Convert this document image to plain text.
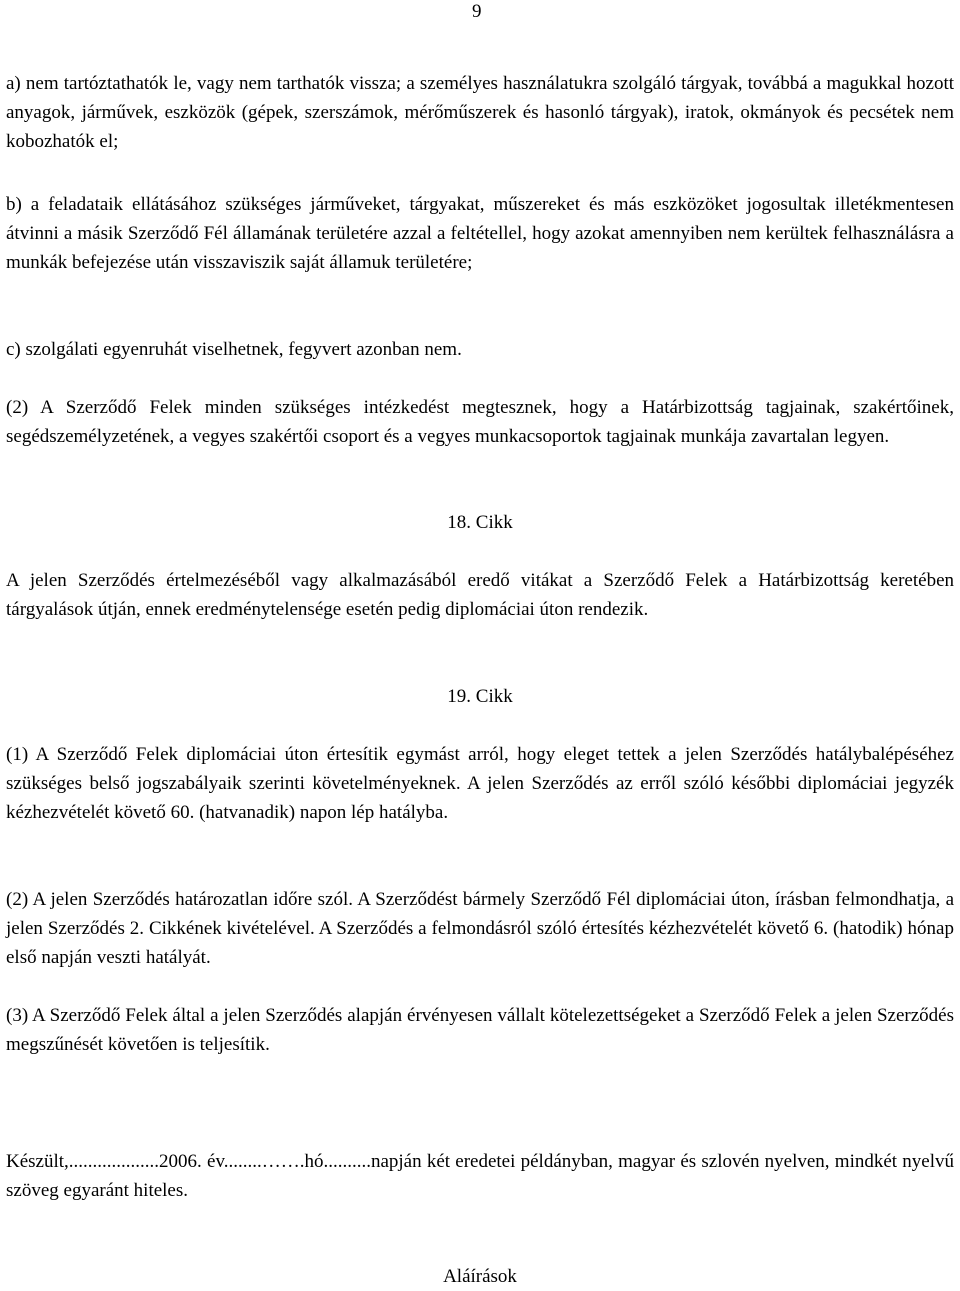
9

a) nem tartóztathatók le, vagy nem tarthatók vissza; a személyes használatukra szolgáló tárgyak, továbbá a magukkal hozott anyagok, járművek, eszközök (gépek, szerszámok, mérőműszerek és hasonló tárgyak), iratok, okmányok és pecsétek nem kobozhatók el;

b) a feladataik ellátásához szükséges járműveket, tárgyakat, műszereket és más eszközöket jogosultak illetékmentesen átvinni a másik Szerződő Fél államának területére azzal a feltétellel, hogy azokat amennyiben nem kerültek felhasználásra a munkák befejezése után visszaviszik saját államuk területére;

c) szolgálati egyenruhát viselhetnek, fegyvert azonban nem.

(2) A Szerződő Felek minden szükséges intézkedést megtesznek, hogy a Határbizottság tagjainak, szakértőinek, segédszemélyzetének, a vegyes szakértői csoport és a vegyes munkacsoportok tagjainak munkája zavartalan legyen.

18. Cikk

A jelen Szerződés értelmezéséből vagy alkalmazásából eredő vitákat a Szerződő Felek a Határbizottság keretében tárgyalások útján, ennek eredménytelensége esetén pedig diplomáciai úton rendezik.

19. Cikk

(1) A Szerződő Felek diplomáciai úton értesítik egymást arról, hogy eleget tettek a jelen Szerződés hatálybalépéséhez szükséges belső jogszabályaik szerinti követelményeknek. A jelen Szerződés az erről szóló későbbi diplomáciai jegyzék kézhezvételét követő 60. (hatvanadik) napon lép hatályba.

(2) A jelen Szerződés határozatlan időre szól. A Szerződést bármely Szerződő Fél diplomáciai úton, írásban felmondhatja, a jelen Szerződés 2. Cikkének kivételével. A Szerződés a felmondásról szóló értesítés kézhezvételét követő 6. (hatodik) hónap első napján veszti hatályát.

(3) A Szerződő Felek által a jelen Szerződés alapján érvényesen vállalt kötelezettségeket a Szerződő Felek a jelen Szerződés megszűnését követően is teljesítik.

Készült,...................2006. év........…….hó..........napján két eredetei példányban, magyar és szlovén nyelven, mindkét nyelvű szöveg egyaránt hiteles.

Aláírások
